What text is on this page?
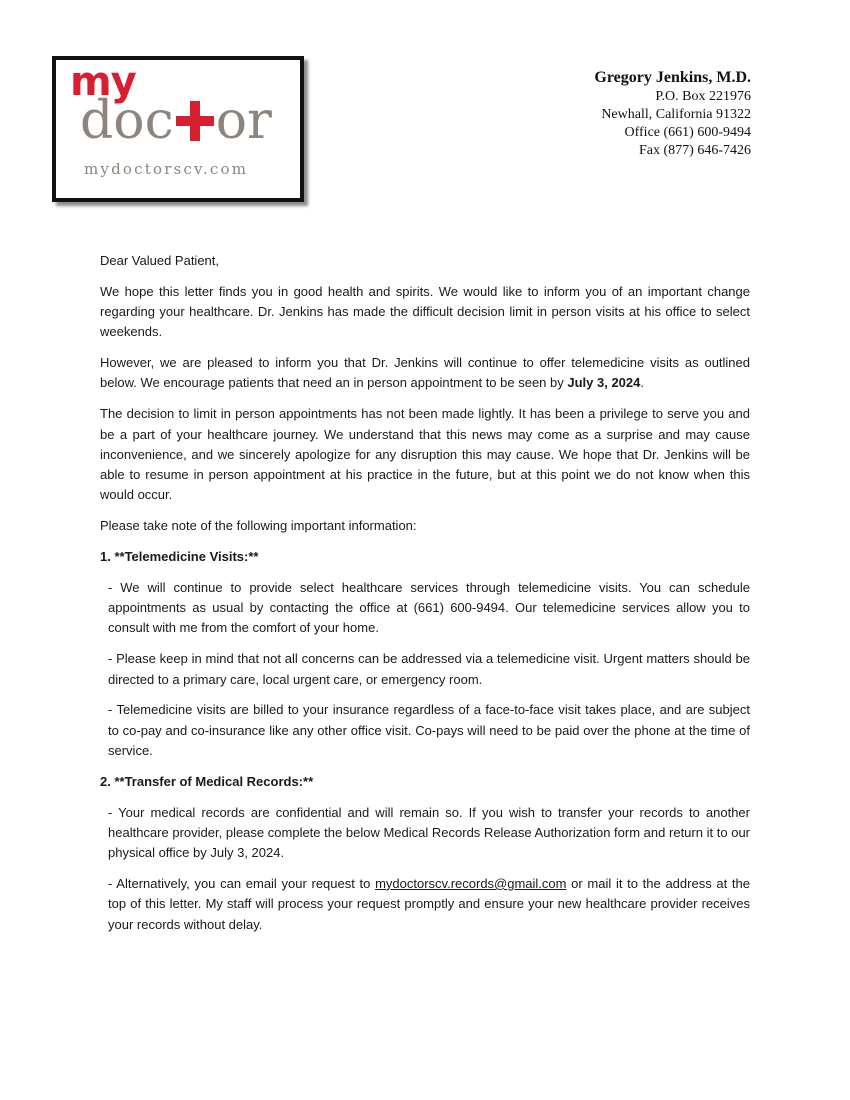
my
doc or
mydoctorscv.com
Gregory Jenkins, M.D.
P.O. Box 221976
Newhall, California 91322
Office (661) 600-9494
Fax (877) 646-7426

Dear Valued Patient,

We hope this letter finds you in good health and spirits. We would like to inform you of an important change regarding your healthcare. Dr. Jenkins has made the difficult decision limit in person visits at his office to select weekends.

However, we are pleased to inform you that Dr. Jenkins will continue to offer telemedicine visits as outlined below. We encourage patients that need an in person appointment to be seen by July 3, 2024.

The decision to limit in person appointments has not been made lightly. It has been a privilege to serve you and be a part of your healthcare journey. We understand that this news may come as a surprise and may cause inconvenience, and we sincerely apologize for any disruption this may cause. We hope that Dr. Jenkins will be able to resume in person appointment at his practice in the future, but at this point we do not know when this would occur.

Please take note of the following important information:

1. **Telemedicine Visits:**

- We will continue to provide select healthcare services through telemedicine visits. You can schedule appointments as usual by contacting the office at (661) 600-9494. Our telemedicine services allow you to consult with me from the comfort of your home.

- Please keep in mind that not all concerns can be addressed via a telemedicine visit. Urgent matters should be directed to a primary care, local urgent care, or emergency room.

- Telemedicine visits are billed to your insurance regardless of a face-to-face visit takes place, and are subject to co-pay and co-insurance like any other office visit. Co-pays will need to be paid over the phone at the time of service.

2. **Transfer of Medical Records:**

- Your medical records are confidential and will remain so. If you wish to transfer your records to another healthcare provider, please complete the below Medical Records Release Authorization form and return it to our physical office by July 3, 2024.

- Alternatively, you can email your request to mydoctorscv.records@gmail.com or mail it to the address at the top of this letter. My staff will process your request promptly and ensure your new healthcare provider receives your records without delay.
